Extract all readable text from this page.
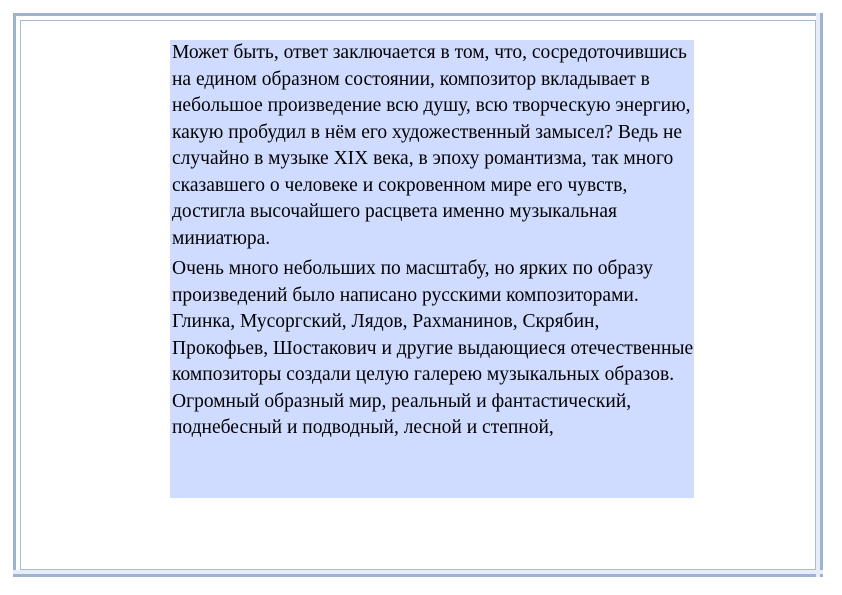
Может быть, ответ заключается в том, что, сосредоточившись на едином образном состоянии, композитор вкладывает в небольшое произведение всю душу, всю творческую энергию, какую пробудил в нём его художественный замысел? Ведь не случайно в музыке XIX века, в эпоху романтизма, так много сказавшего о человеке и сокровенном мире его чувств, достигла высочайшего расцвета именно музыкальная миниатюра.

Очень много небольших по масштабу, но ярких по образу произведений было написано русскими композиторами. Глинка, Мусоргский, Лядов, Рахманинов, Скрябин, Прокофьев, Шостакович и другие выдающиеся отечественные композиторы создали целую галерею музыкальных образов. Огромный образный мир, реальный и фантастический, поднебесный и подводный, лесной и степной,
